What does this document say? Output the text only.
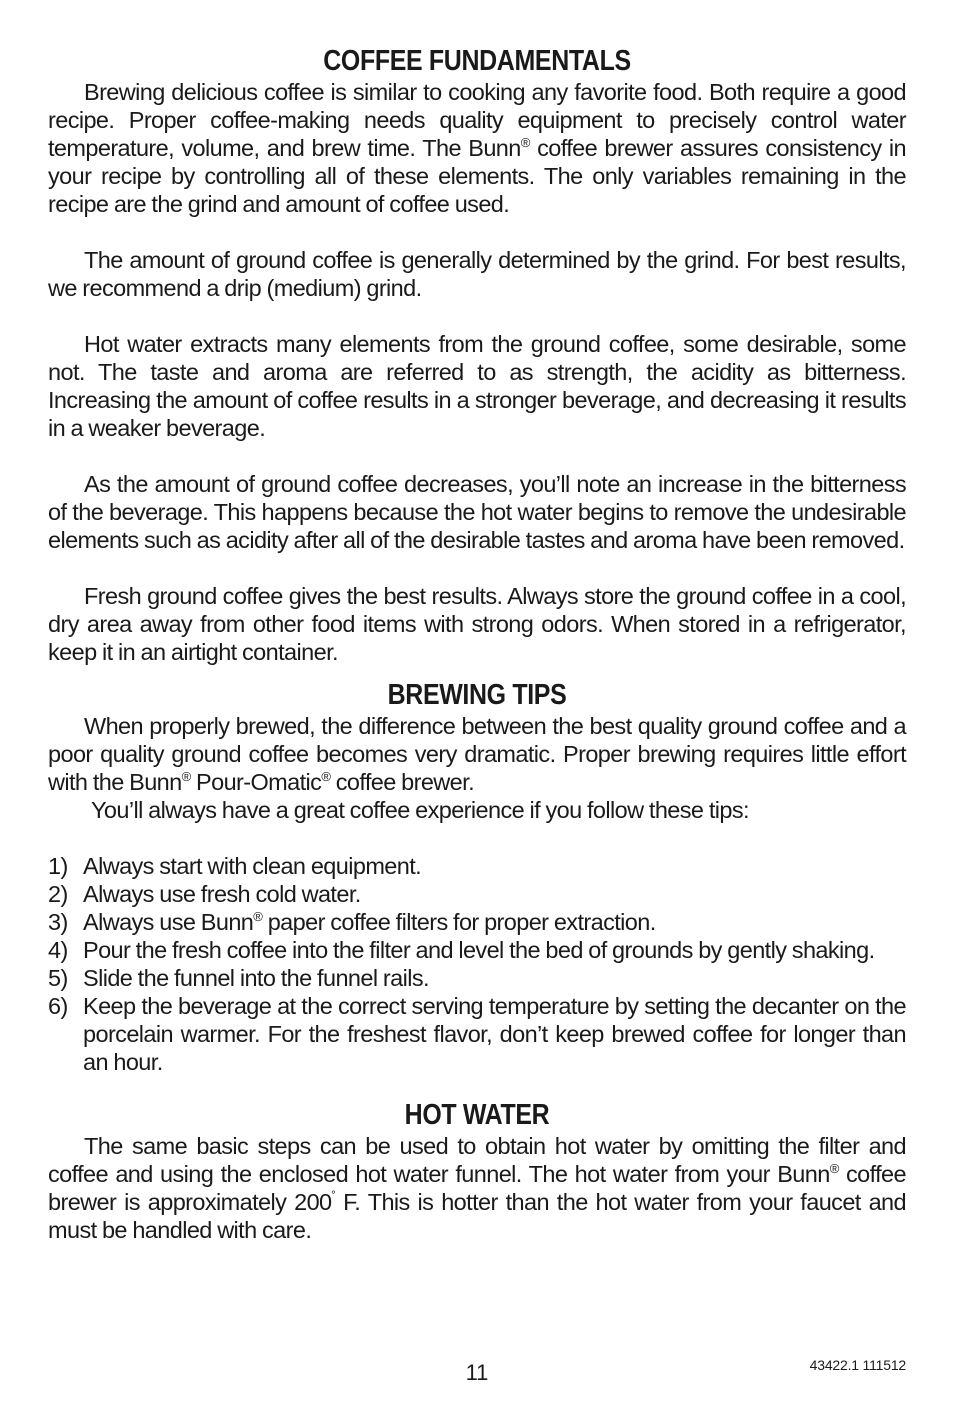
COFFEE FUNDAMENTALS

Brewing delicious coffee is similar to cooking any favorite food. Both require a good recipe. Proper coffee-making needs quality equipment to precisely control water temperature, volume, and brew time. The Bunn® coffee brewer assures consistency in your recipe by controlling all of these elements. The only variables remaining in the recipe are the grind and amount of coffee used.

The amount of ground coffee is generally determined by the grind. For best results, we recommend a drip (medium) grind.

Hot water extracts many elements from the ground coffee, some desirable, some not. The taste and aroma are referred to as strength, the acidity as bitterness. Increasing the amount of coffee results in a stronger beverage, and decreasing it results in a weaker beverage.

As the amount of ground coffee decreases, you’ll note an increase in the bitterness of the beverage. This happens because the hot water begins to remove the undesirable elements such as acidity after all of the desirable tastes and aroma have been removed.

Fresh ground coffee gives the best results. Always store the ground coffee in a cool, dry area away from other food items with strong odors. When stored in a refrigerator, keep it in an airtight container.

BREWING TIPS

When properly brewed, the difference between the best quality ground coffee and a poor quality ground coffee becomes very dramatic. Proper brewing requires little effort with the Bunn® Pour-Omatic® coffee brewer.

You’ll always have a great coffee experience if you follow these tips:

1) Always start with clean equipment.
2) Always use fresh cold water.
3) Always use Bunn® paper coffee filters for proper extraction.
4) Pour the fresh coffee into the filter and level the bed of grounds by gently shaking.
5) Slide the funnel into the funnel rails.
6) Keep the beverage at the correct serving temperature by setting the decanter on the porcelain warmer. For the freshest flavor, don’t keep brewed coffee for longer than an hour.
HOT WATER

The same basic steps can be used to obtain hot water by omitting the filter and coffee and using the enclosed hot water funnel. The hot water from your Bunn® coffee brewer is approximately 200˚ F. This is hotter than the hot water from your faucet and must be handled with care.

11	43422.1 111512
